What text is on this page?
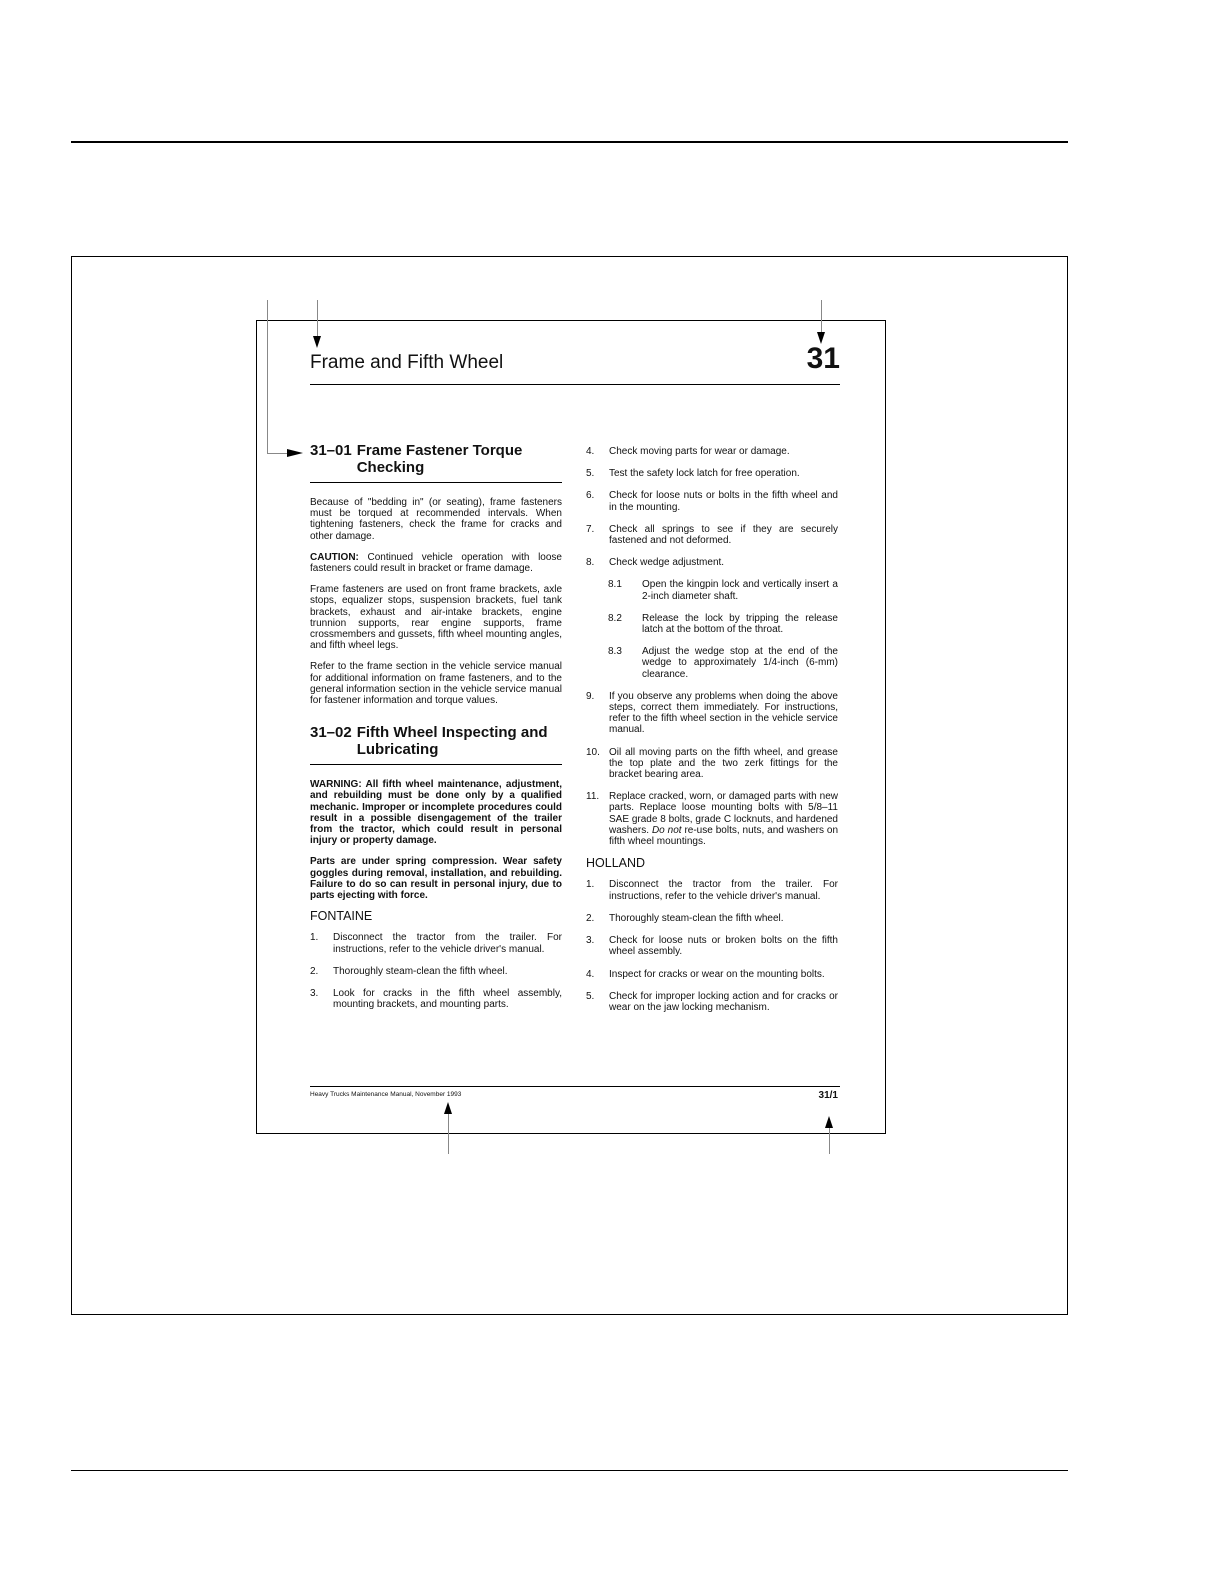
Frame and Fifth Wheel	31
31–01 Frame Fastener Torque Checking

Because of "bedding in" (or seating), frame fasteners must be torqued at recommended intervals. When tightening fasteners, check the frame for cracks and other damage.

CAUTION: Continued vehicle operation with loose fasteners could result in bracket or frame damage.

Frame fasteners are used on front frame brackets, axle stops, equalizer stops, suspension brackets, fuel tank brackets, exhaust and air-intake brackets, engine trunnion supports, rear engine supports, frame crossmembers and gussets, fifth wheel mounting angles, and fifth wheel legs.

Refer to the frame section in the vehicle service manual for additional information on frame fasteners, and to the general information section in the vehicle service manual for fastener information and torque values.

31–02 Fifth Wheel Inspecting and Lubricating

WARNING: All fifth wheel maintenance, adjustment, and rebuilding must be done only by a qualified mechanic. Improper or incomplete procedures could result in a possible disengagement of the trailer from the tractor, which could result in personal injury or property damage.

Parts are under spring compression. Wear safety goggles during removal, installation, and rebuilding. Failure to do so can result in personal injury, due to parts ejecting with force.

FONTAINE
1.	Disconnect the tractor from the trailer. For instructions, refer to the vehicle driver's manual.
2.	Thoroughly steam-clean the fifth wheel.
3.	Look for cracks in the fifth wheel assembly, mounting brackets, and mounting parts.
4.	Check moving parts for wear or damage.
5.	Test the safety lock latch for free operation.
6.	Check for loose nuts or bolts in the fifth wheel and in the mounting.
7.	Check all springs to see if they are securely fastened and not deformed.
8.	Check wedge adjustment.
8.1	Open the kingpin lock and vertically insert a 2-inch diameter shaft.
8.2	Release the lock by tripping the release latch at the bottom of the throat.
8.3	Adjust the wedge stop at the end of the wedge to approximately 1/4-inch (6-mm) clearance.
9.	If you observe any problems when doing the above steps, correct them immediately. For instructions, refer to the fifth wheel section in the vehicle service manual.
10. Oil all moving parts on the fifth wheel, and grease the top plate and the two zerk fittings for the bracket bearing area.
11. Replace cracked, worn, or damaged parts with new parts. Replace loose mounting bolts with 5/8–11 SAE grade 8 bolts, grade C locknuts, and hardened washers. Do not re-use bolts, nuts, and washers on fifth wheel mountings.
HOLLAND
1.	Disconnect the tractor from the trailer. For instructions, refer to the vehicle driver's manual.
2.	Thoroughly steam-clean the fifth wheel.
3.	Check for loose nuts or broken bolts on the fifth wheel assembly.
4.	Inspect for cracks or wear on the mounting bolts.
5.	Check for improper locking action and for cracks or wear on the jaw locking mechanism.
Heavy Trucks Maintenance Manual, November 1993	31/1
